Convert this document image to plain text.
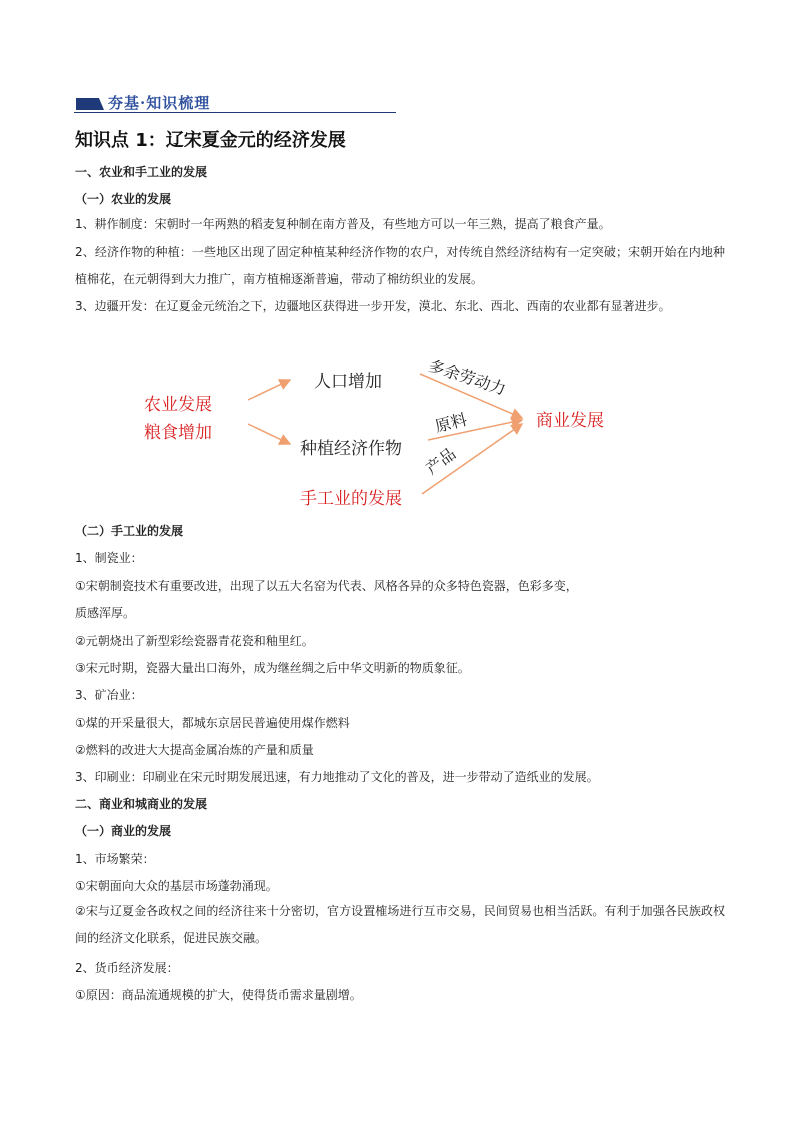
夯基·知识梳理
知识点 1：辽宋夏金元的经济发展
一、农业和手工业的发展
（一）农业的发展
1、耕作制度：宋朝时一年两熟的稻麦复种制在南方普及，有些地方可以一年三熟，提高了粮食产量。
2、经济作物的种植：一些地区出现了固定种植某种经济作物的农户，对传统自然经济结构有一定突破；宋朝开始在内地种植棉花，在元朝得到大力推广，南方植棉逐渐普遍，带动了棉纺织业的发展。
3、边疆开发：在辽夏金元统治之下，边疆地区获得进一步开发，漠北、东北、西北、西南的农业都有显著进步。
农业发展
粮食增加
人口增加
种植经济作物
手工业的发展
商业发展
多余劳动力
原料
产品
（二）手工业的发展
1、制瓷业：
①宋朝制瓷技术有重要改进，出现了以五大名窑为代表、风格各异的众多特色瓷器，色彩多变，
质感浑厚。
②元朝烧出了新型彩绘瓷器青花瓷和釉里红。
③宋元时期，瓷器大量出口海外，成为继丝绸之后中华文明新的物质象征。
3、矿冶业：
①煤的开采量很大，都城东京居民普遍使用煤作燃料
②燃料的改进大大提高金属冶炼的产量和质量
3、印刷业：印刷业在宋元时期发展迅速，有力地推动了文化的普及，进一步带动了造纸业的发展。
二、商业和城商业的发展
（一）商业的发展
1、市场繁荣：
①宋朝面向大众的基层市场蓬勃涌现。
②宋与辽夏金各政权之间的经济往来十分密切，官方设置榷场进行互市交易，民间贸易也相当活跃。有利于加强各民族政权间的经济文化联系，促进民族交融。
2、货币经济发展：
①原因：商品流通规模的扩大，使得货币需求量剧增。
